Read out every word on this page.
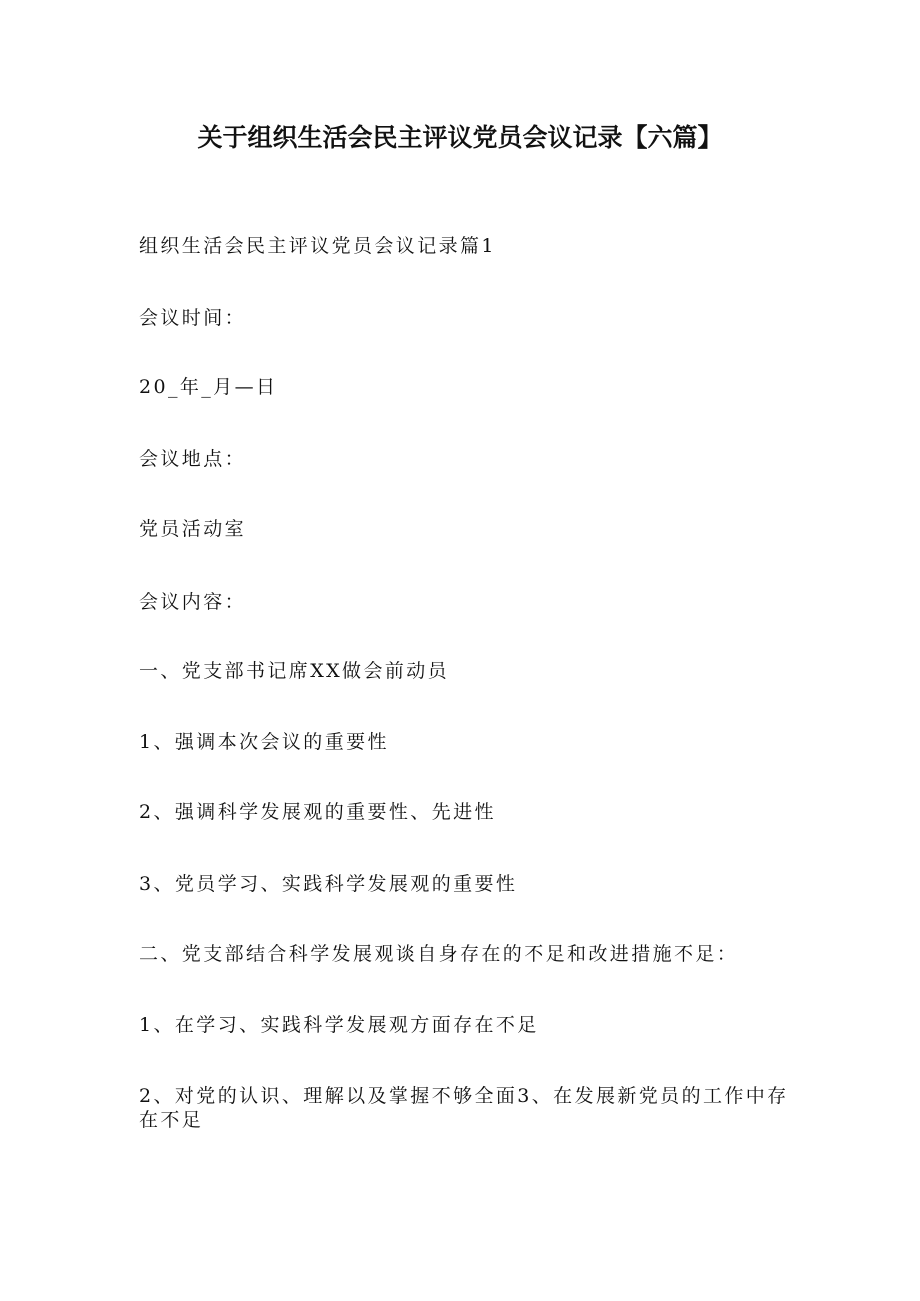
关于组织生活会民主评议党员会议记录【六篇】

组织生活会民主评议党员会议记录篇1

会议时间：

20_年_月—日

会议地点：

党员活动室

会议内容：

一、党支部书记席XX做会前动员

1、强调本次会议的重要性

2、强调科学发展观的重要性、先进性

3、党员学习、实践科学发展观的重要性

二、党支部结合科学发展观谈自身存在的不足和改进措施不足：

1、在学习、实践科学发展观方面存在不足

2、对党的认识、理解以及掌握不够全面3、在发展新党员的工作中存在不足
